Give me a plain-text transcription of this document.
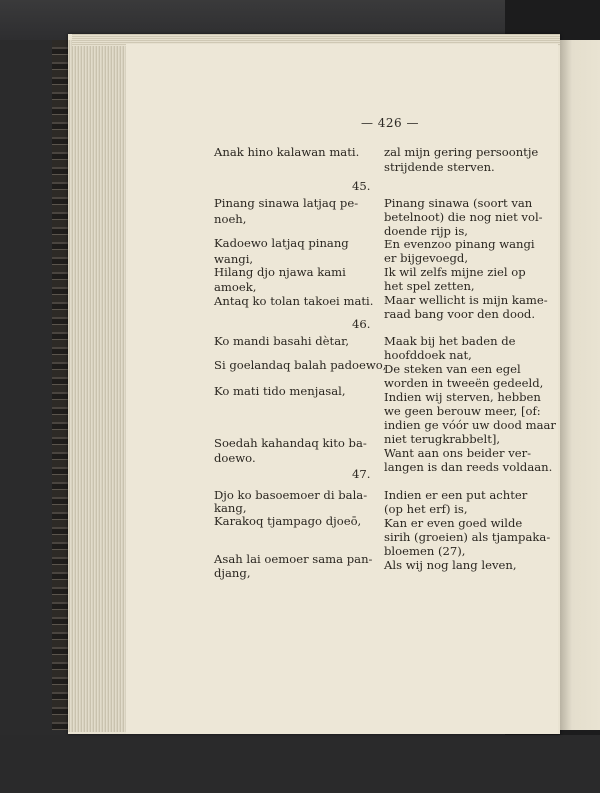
— 426 —
45.
46.
47.
Anak hino kalawan mati.
Pinang sinawa latjaq pe-
noeh,
Kadoewo latjaq pinang
wangi,
Hilang djo njawa kami
amoek,
Antaq ko tolan takoei mati.
Ko mandi basahi dètar,
Si goelandaq balah padoewo,
Ko mati tido menjasal,
Soedah kahandaq kito ba-
doewo.
Djo ko basoemoer di bala-
kang,
Karakoq tjampago djoeō,
Asah lai oemoer sama pan-
djang,
zal mijn gering persoontje
strijdende sterven.
Pinang sinawa (soort van
betelnoot) die nog niet vol-
doende rijp is,
En evenzoo pinang wangi
er bijgevoegd,
Ik wil zelfs mijne ziel op
het spel zetten,
Maar wellicht is mijn kame-
raad bang voor den dood.
Maak bij het baden de
hoofddoek nat,
De steken van een egel
worden in tweeën gedeeld,
Indien wij sterven, hebben
we geen berouw meer, [of:
indien ge vóór uw dood maar
niet terugkrabbelt],
Want aan ons beider ver-
langen is dan reeds voldaan.
Indien er een put achter
(op het erf) is,
Kan er even goed wilde
sirih (groeien) als tjampaka-
bloemen (27),
Als wij nog lang leven,
